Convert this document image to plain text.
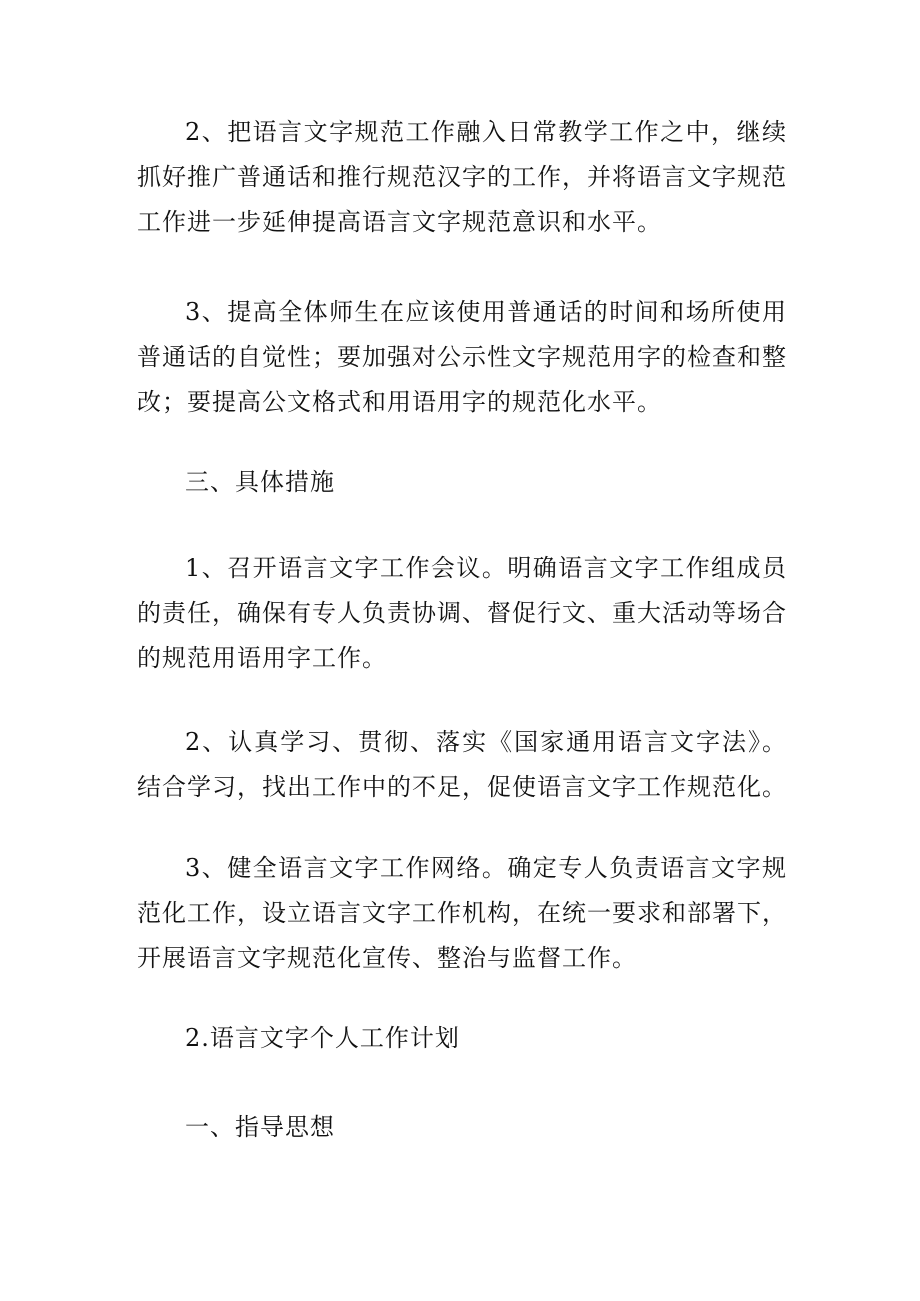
2、把语言文字规范工作融入日常教学工作之中，继续抓好推广普通话和推行规范汉字的工作，并将语言文字规范工作进一步延伸提高语言文字规范意识和水平。

3、提高全体师生在应该使用普通话的时间和场所使用普通话的自觉性；要加强对公示性文字规范用字的检查和整改；要提高公文格式和用语用字的规范化水平。

三、具体措施

1、召开语言文字工作会议。明确语言文字工作组成员的责任，确保有专人负责协调、督促行文、重大活动等场合的规范用语用字工作。

2、认真学习、贯彻、落实《国家通用语言文字法》。结合学习，找出工作中的不足，促使语言文字工作规范化。

3、健全语言文字工作网络。确定专人负责语言文字规范化工作，设立语言文字工作机构，在统一要求和部署下，开展语言文字规范化宣传、整治与监督工作。

2.语言文字个人工作计划

一、指导思想
